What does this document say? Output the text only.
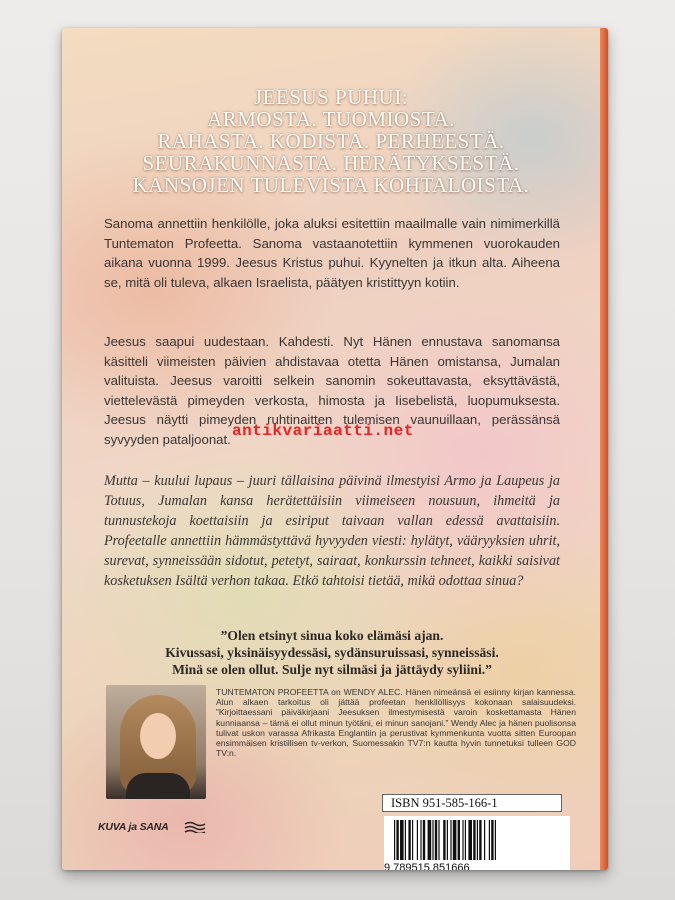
JEESUS PUHUI:
ARMOSTA. TUOMIOSTA.
RAHASTA. KODISTA. PERHEESTÄ.
SEURAKUNNASTA. HERÄTYKSESTÄ.
KANSOJEN TULEVISTA KOHTALOISTA.
Sanoma annettiin henkilölle, joka aluksi esitettiin maailmalle vain nimimerkillä Tuntematon Profeetta. Sanoma vastaanotettiin kymmenen vuorokauden aikana vuonna 1999. Jeesus Kristus puhui. Kyynelten ja itkun alta. Aiheena se, mitä oli tuleva, alkaen Israelista, päätyen kristittyyn kotiin.
Jeesus saapui uudestaan. Kahdesti. Nyt Hänen ennustava sanomansa käsitteli viimeisten päivien ahdistavaa otetta Hänen omistansa, Jumalan valituista. Jeesus varoitti selkein sanomin sokeuttavasta, eksyttävästä, viettelevästä pimeyden verkosta, himosta ja Iisebelistä, luopumuksesta. Jeesus näytti pimeyden ruhtinaitten tulemisen vaunuillaan, perässänsä syvyyden pataljoonat.
Mutta – kuului lupaus – juuri tällaisina päivinä ilmestyisi Armo ja Laupeus ja Totuus, Jumalan kansa herätettäisiin viimeiseen nousuun, ihmeitä ja tunnustekoja koettaisiin ja esiriput taivaan vallan edessä avattaisiin. Profeetalle annettiin hämmästyttävä hyvyyden viesti: hylätyt, vääryyksien uhrit, surevat, synneissään sidotut, petetyt, sairaat, konkurssin tehneet, kaikki saisivat kosketuksen Isältä verhon takaa. Etkö tahtoisi tietää, mikä odottaa sinua?
antikvariaatti.net
”Olen etsinyt sinua koko elämäsi ajan.
Kivussasi, yksinäisyydessäsi, sydänsuruissasi, synneissäsi.
Minä se olen ollut. Sulje nyt silmäsi ja jättäydy syliini.”
TUNTEMATON PROFEETTA on WENDY ALEC. Hänen nimeänsä ei esiinny kirjan kannessa. Alun alkaen tarkoitus oli jättää profeetan henkilöllisyys kokonaan salaisuudeksi. ”Kirjoittaessani päiväkirjaani Jeesuksen ilmestymisestä varoin koskettamasta Hänen kunniaansa – tämä ei ollut minun työtäni, ei minun sanojani.” Wendy Alec ja hänen puolisonsa tulivat uskon varassa Afrikasta Englantiin ja perustivat kymmenkunta vuotta sitten Euroopan ensimmäisen kristillisen tv-verkon, Suomessakin TV7:n kautta hyvin tunnetuksi tulleen GOD TV:n.
ISBN 951-585-166-1
9 789515 851666
KUVA ja SANA
